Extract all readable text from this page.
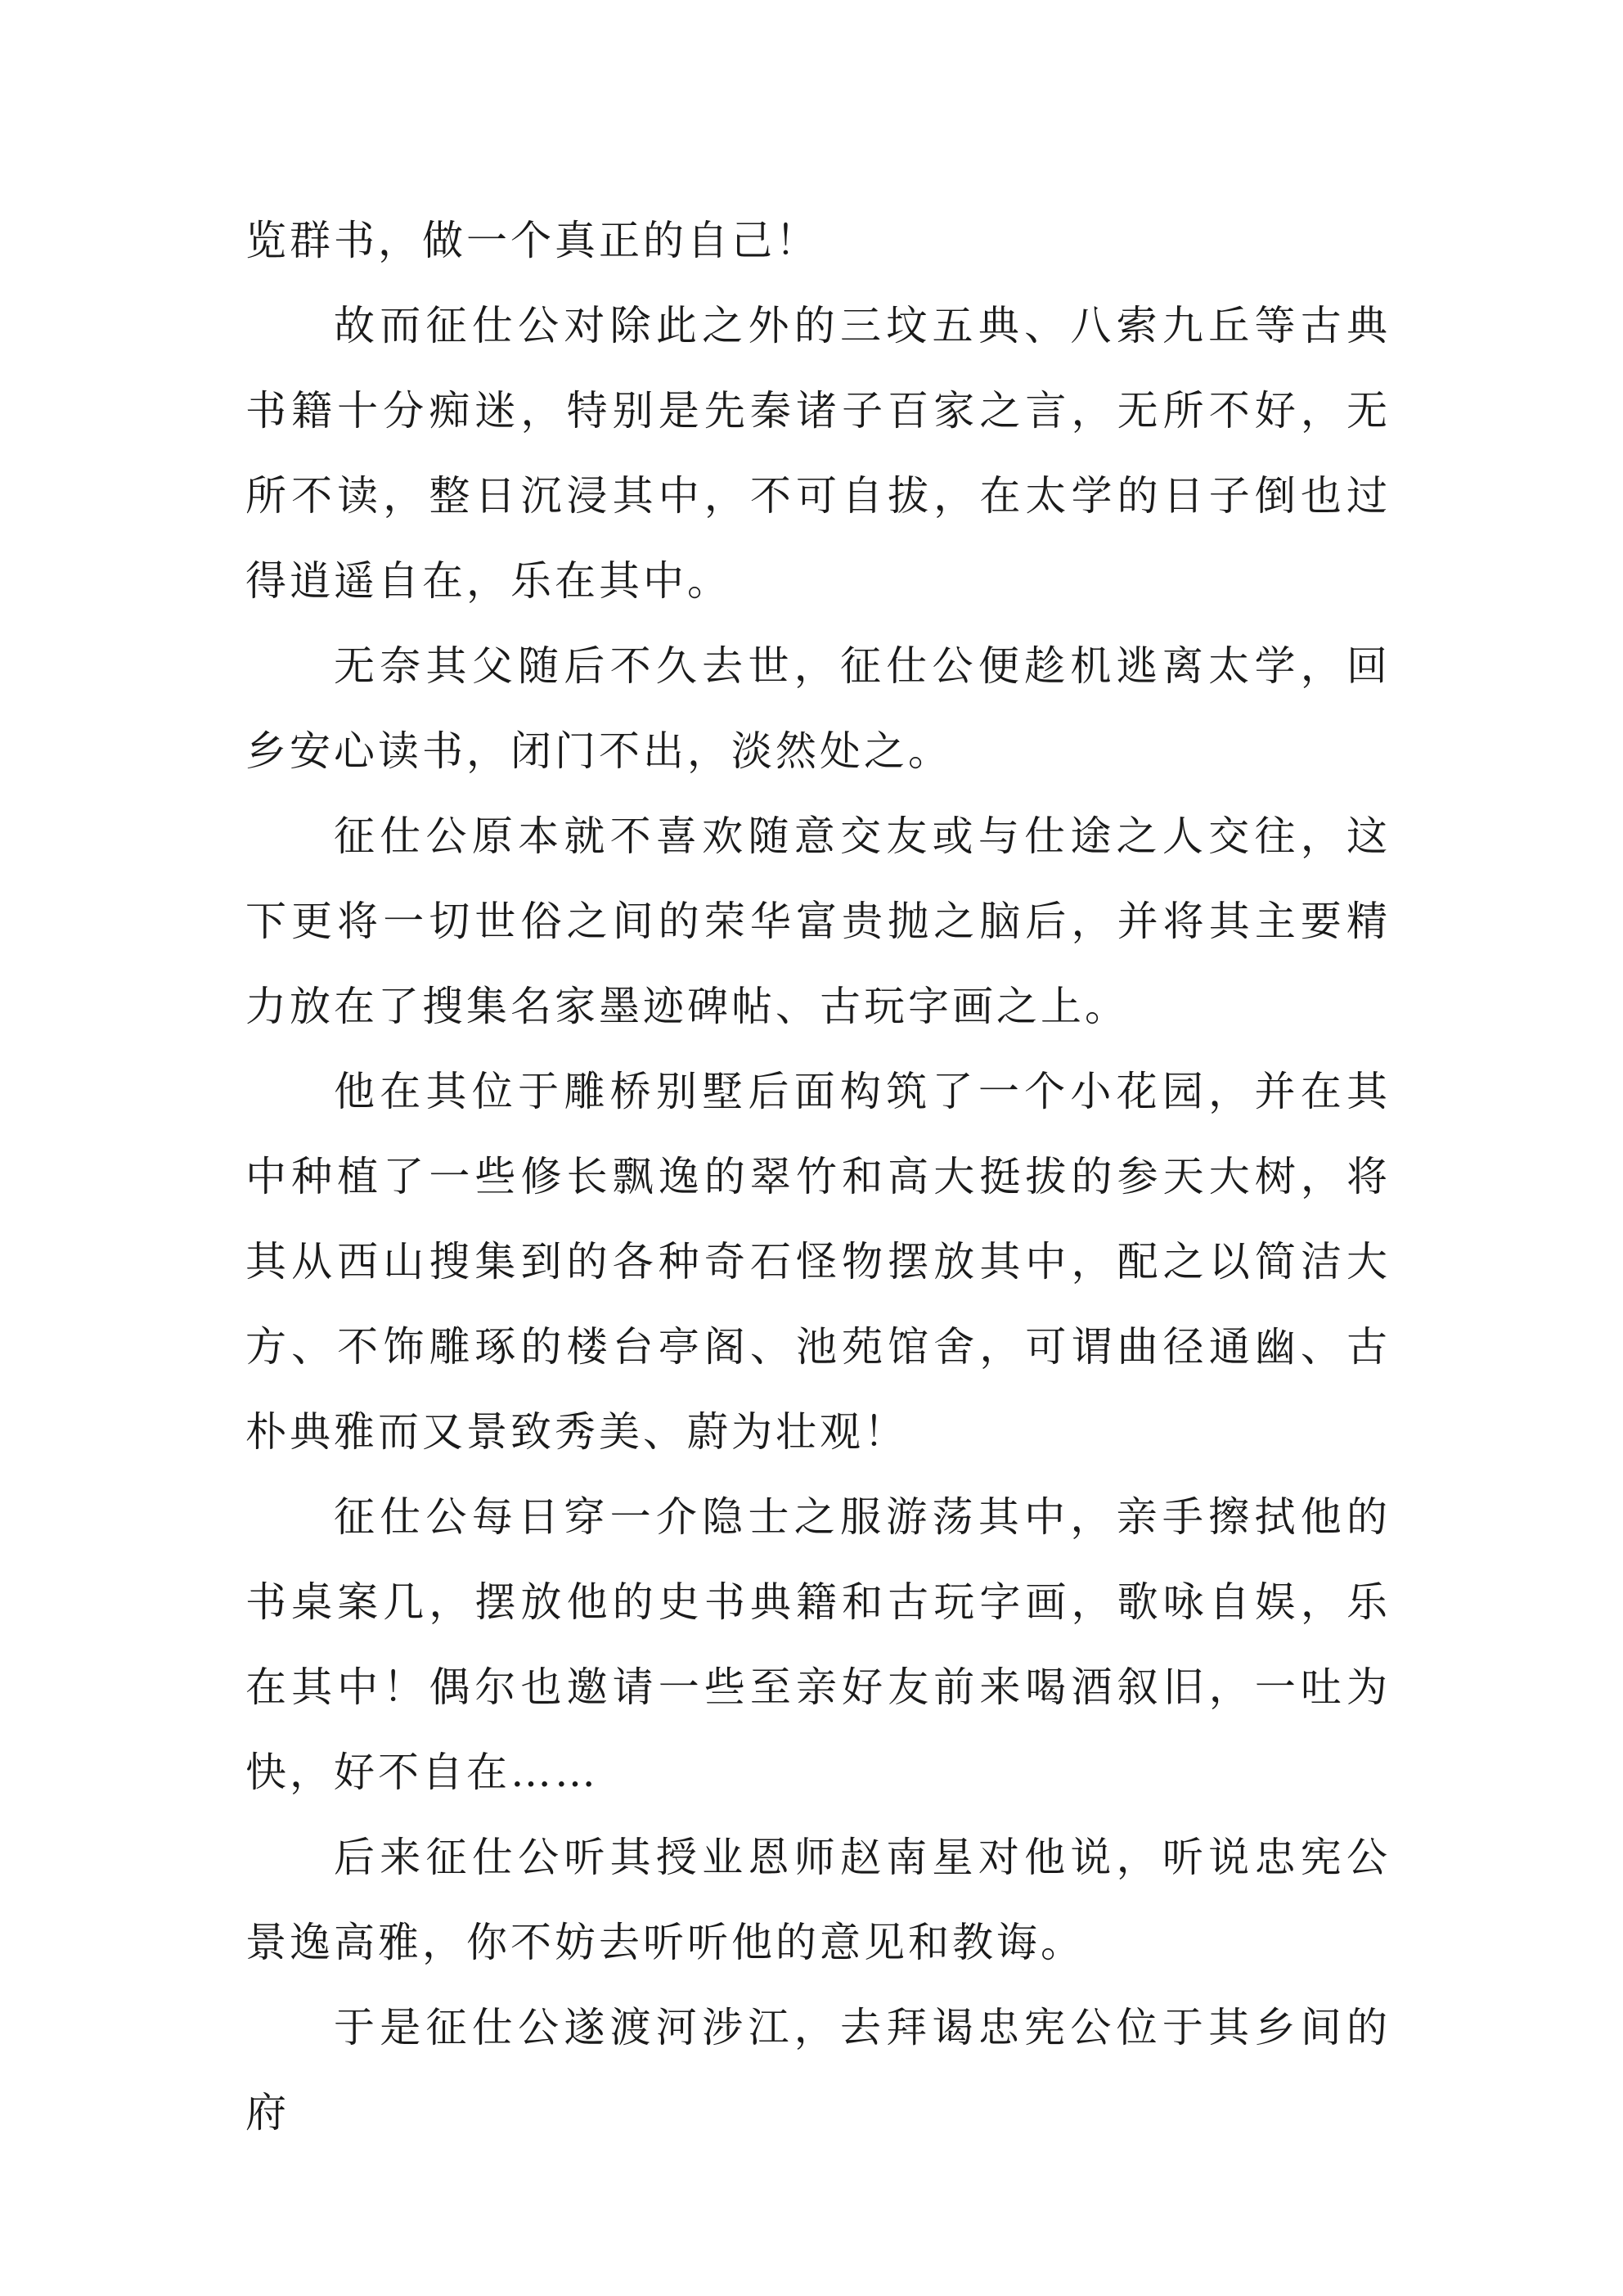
览群书，做一个真正的自己！

故而征仕公对除此之外的三坟五典、八索九丘等古典书籍十分痴迷，特别是先秦诸子百家之言，无所不好，无所不读，整日沉浸其中，不可自拔，在太学的日子倒也过得逍遥自在，乐在其中。

无奈其父随后不久去世，征仕公便趁机逃离太学，回乡安心读书，闭门不出，淡然处之。

征仕公原本就不喜欢随意交友或与仕途之人交往，这下更将一切世俗之间的荣华富贵抛之脑后，并将其主要精力放在了搜集名家墨迹碑帖、古玩字画之上。

他在其位于雕桥别墅后面构筑了一个小花园，并在其中种植了一些修长飘逸的翠竹和高大挺拔的参天大树，将其从西山搜集到的各种奇石怪物摆放其中，配之以简洁大方、不饰雕琢的楼台亭阁、池苑馆舍，可谓曲径通幽、古朴典雅而又景致秀美、蔚为壮观！

征仕公每日穿一介隐士之服游荡其中，亲手擦拭他的书桌案几，摆放他的史书典籍和古玩字画，歌咏自娱，乐在其中！偶尔也邀请一些至亲好友前来喝酒叙旧，一吐为快，好不自在……

后来征仕公听其授业恩师赵南星对他说，听说忠宪公景逸高雅，你不妨去听听他的意见和教诲。

于是征仕公遂渡河涉江，去拜谒忠宪公位于其乡间的府
